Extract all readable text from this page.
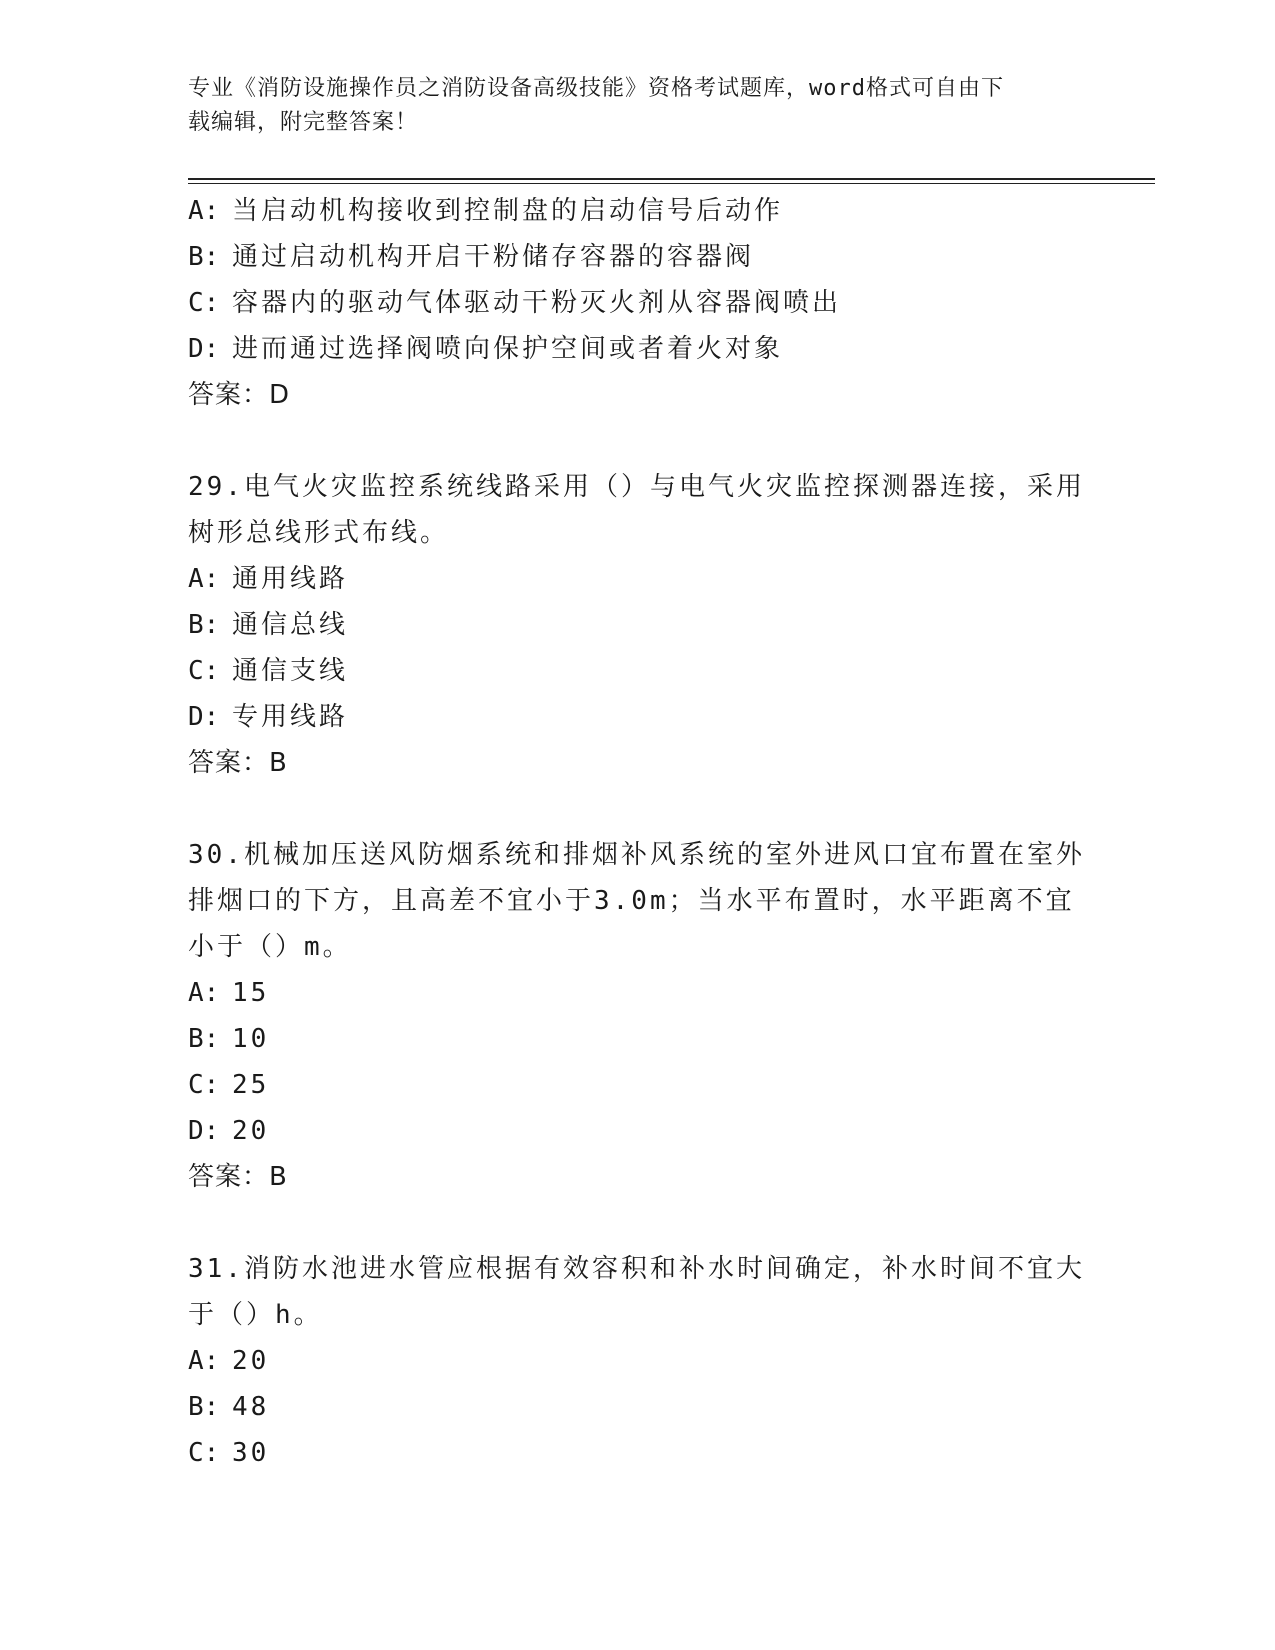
专业《消防设施操作员之消防设备高级技能》资格考试题库，word格式可自由下
载编辑，附完整答案！
A: 当启动机构接收到控制盘的启动信号后动作
B: 通过启动机构开启干粉储存容器的容器阀
C: 容器内的驱动气体驱动干粉灭火剂从容器阀喷出
D: 进而通过选择阀喷向保护空间或者着火对象
答案：D
29.电气火灾监控系统线路采用（）与电气火灾监控探测器连接，采用
树形总线形式布线。
A: 通用线路
B: 通信总线
C: 通信支线
D: 专用线路
答案：B
30.机械加压送风防烟系统和排烟补风系统的室外进风口宜布置在室外
排烟口的下方，且高差不宜小于3.0m；当水平布置时，水平距离不宜
小于（）m。
A: 15
B: 10
C: 25
D: 20
答案：B
31.消防水池进水管应根据有效容积和补水时间确定，补水时间不宜大
于（）h。
A: 20
B: 48
C: 30
